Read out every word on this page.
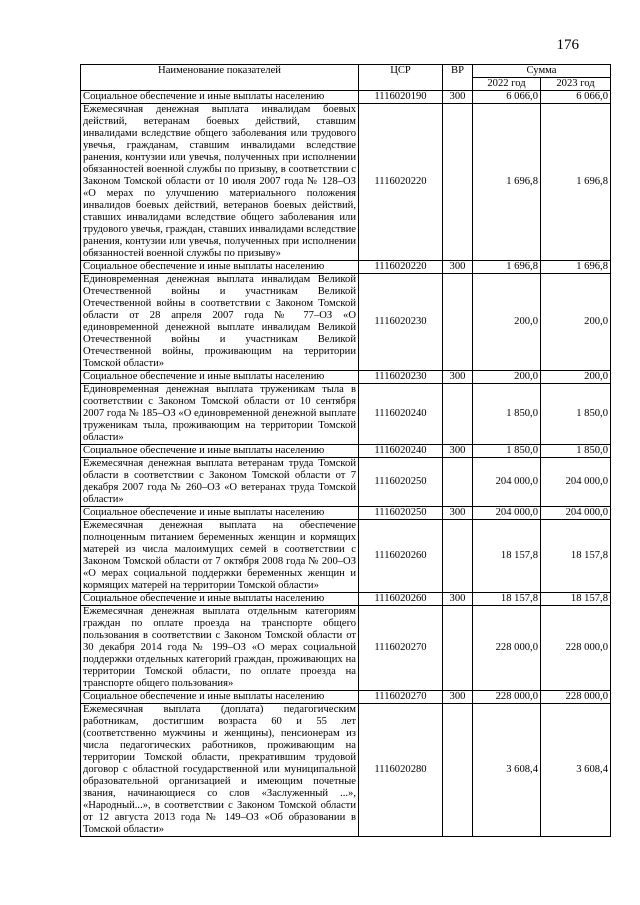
176
Наименование показателей	ЦСР	ВР	Сумма	
			2022 год	2023 год
Социальное обеспечение и иные выплаты населению	1116020190	300	6 066,0	6 066,0
Ежемесячная денежная выплата инвалидам боевых действий, ветеранам боевых действий, ставшим инвалидами вследствие общего заболевания или трудового увечья, гражданам, ставшим инвалидами вследствие ранения, контузии или увечья, полученных при исполнении обязанностей военной службы по призыву, в соответствии с Законом Томской области от 10 июля 2007 года № 128–ОЗ «О мерах по улучшению материального положения инвалидов боевых действий, ветеранов боевых действий, ставших инвалидами вследствие общего заболевания или трудового увечья, граждан, ставших инвалидами вследствие ранения, контузии или увечья, полученных при исполнении обязанностей военной службы по призыву»	1116020220		1 696,8	1 696,8
Социальное обеспечение и иные выплаты населению	1116020220	300	1 696,8	1 696,8
Единовременная денежная выплата инвалидам Великой Отечественной войны и участникам Великой Отечественной войны в соответствии с Законом Томской области от 28 апреля 2007 года № 77–ОЗ «О единовременной денежной выплате инвалидам Великой Отечественной войны и участникам Великой Отечественной войны, проживающим на территории Томской области»	1116020230		200,0	200,0
Социальное обеспечение и иные выплаты населению	1116020230	300	200,0	200,0
Единовременная денежная выплата труженикам тыла в соответствии с Законом Томской области от 10 сентября 2007 года № 185–ОЗ «О единовременной денежной выплате труженикам тыла, проживающим на территории Томской области»	1116020240		1 850,0	1 850,0
Социальное обеспечение и иные выплаты населению	1116020240	300	1 850,0	1 850,0
Ежемесячная денежная выплата ветеранам труда Томской области в соответствии с Законом Томской области от 7 декабря 2007 года № 260–ОЗ «О ветеранах труда Томской области»	1116020250		204 000,0	204 000,0
Социальное обеспечение и иные выплаты населению	1116020250	300	204 000,0	204 000,0
Ежемесячная денежная выплата на обеспечение полноценным питанием беременных женщин и кормящих матерей из числа малоимущих семей в соответствии с Законом Томской области от 7 октября 2008 года № 200–ОЗ «О мерах социальной поддержки беременных женщин и кормящих матерей на территории Томской области»	1116020260		18 157,8	18 157,8
Социальное обеспечение и иные выплаты населению	1116020260	300	18 157,8	18 157,8
Ежемесячная денежная выплата отдельным категориям граждан по оплате проезда на транспорте общего пользования в соответствии с Законом Томской области от 30 декабря 2014 года № 199–ОЗ «О мерах социальной поддержки отдельных категорий граждан, проживающих на территории Томской области, по оплате проезда на транспорте общего пользования»	1116020270		228 000,0	228 000,0
Социальное обеспечение и иные выплаты населению	1116020270	300	228 000,0	228 000,0
Ежемесячная выплата (доплата) педагогическим работникам, достигшим возраста 60 и 55 лет (соответственно мужчины и женщины), пенсионерам из числа педагогических работников, проживающим на территории Томской области, прекратившим трудовой договор с областной государственной или муниципальной образовательной организацией и имеющим почетные звания, начинающиеся со слов «Заслуженный ...», «Народный...», в соответствии с Законом Томской области от 12 августа 2013 года № 149–ОЗ «Об образовании в Томской области»	1116020280		3 608,4	3 608,4
